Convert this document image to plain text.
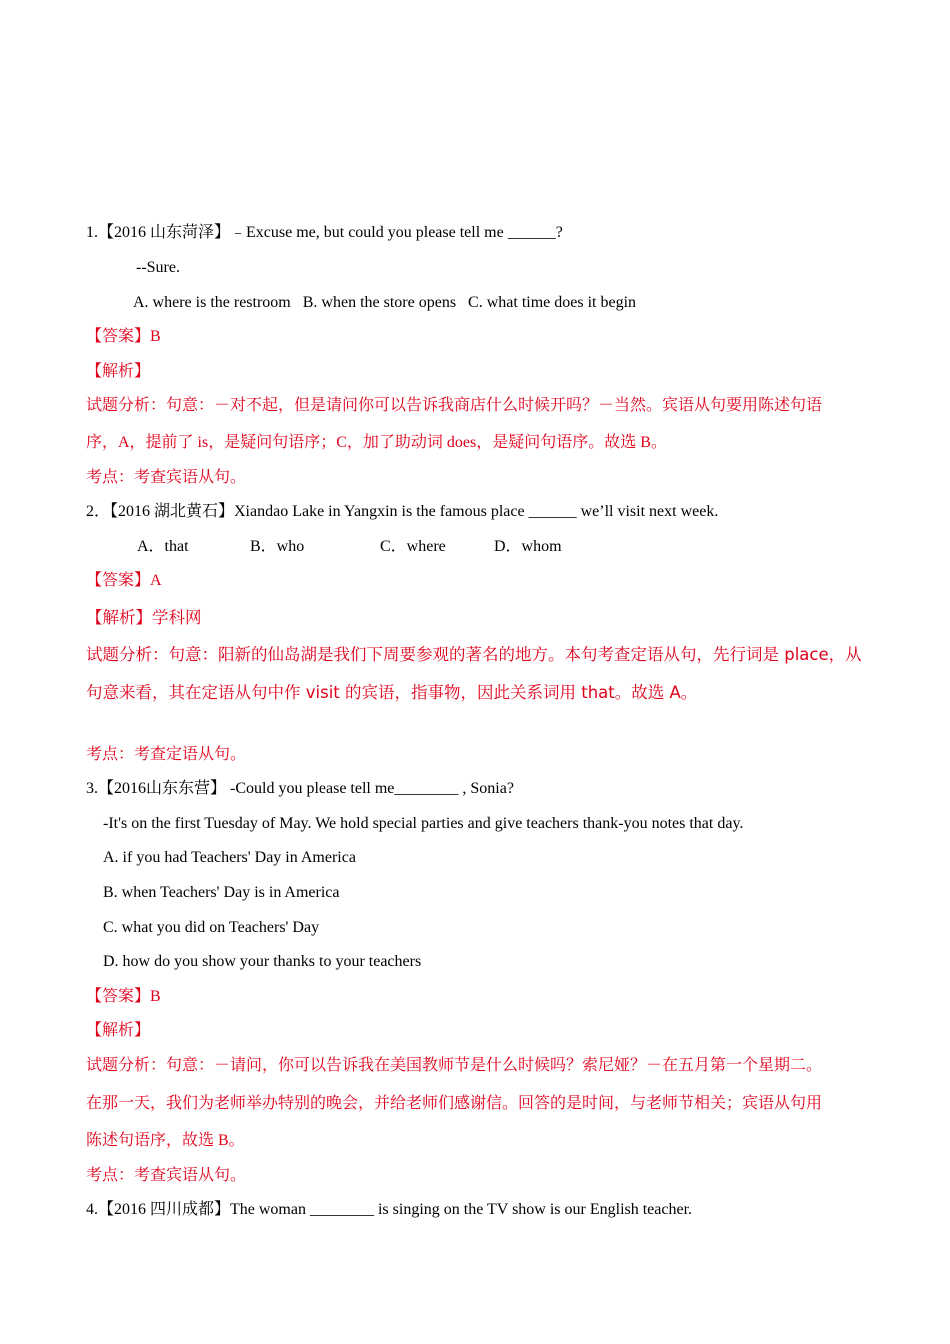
1.【2016 山东菏泽】﹣Excuse me, but could you please tell me ______?
--Sure.
A. where is the restroom   B. when the store opens   C. what time does it begin
【答案】B
【解析】
试题分析：句意：－对不起，但是请问你可以告诉我商店什么时候开吗？－当然。宾语从句要用陈述句语
序，A，提前了 is，是疑问句语序；C，加了助动词 does，是疑问句语序。故选 B。
考点：考查宾语从句。
2．【2016 湖北黄石】Xiandao Lake in Yangxin is the famous place ______ we’ll visit next week.
A．that	B．who	C．where	D．whom
【答案】A
【解析】学科网
试题分析：句意：阳新的仙岛湖是我们下周要参观的著名的地方。本句考查定语从句，先行词是 place，从
句意来看，其在定语从句中作 visit 的宾语，指事物，因此关系词用 that。故选 A。
考点：考查定语从句。
3.【2016山东东营】 -Could you please tell me________ , Sonia?
-It's on the first Tuesday of May. We hold special parties and give teachers thank-you notes that day.
A. if you had Teachers' Day in America
B. when Teachers' Day is in America
C. what you did on Teachers' Day
D. how do you show your thanks to your teachers
【答案】B
【解析】
试题分析：句意：－请问，你可以告诉我在美国教师节是什么时候吗？索尼娅？－在五月第一个星期二。
在那一天，我们为老师举办特别的晚会，并给老师们感谢信。回答的是时间，与老师节相关；宾语从句用
陈述句语序，故选 B。
考点：考查宾语从句。
4.【2016 四川成都】The woman ________ is singing on the TV show is our English teacher.
